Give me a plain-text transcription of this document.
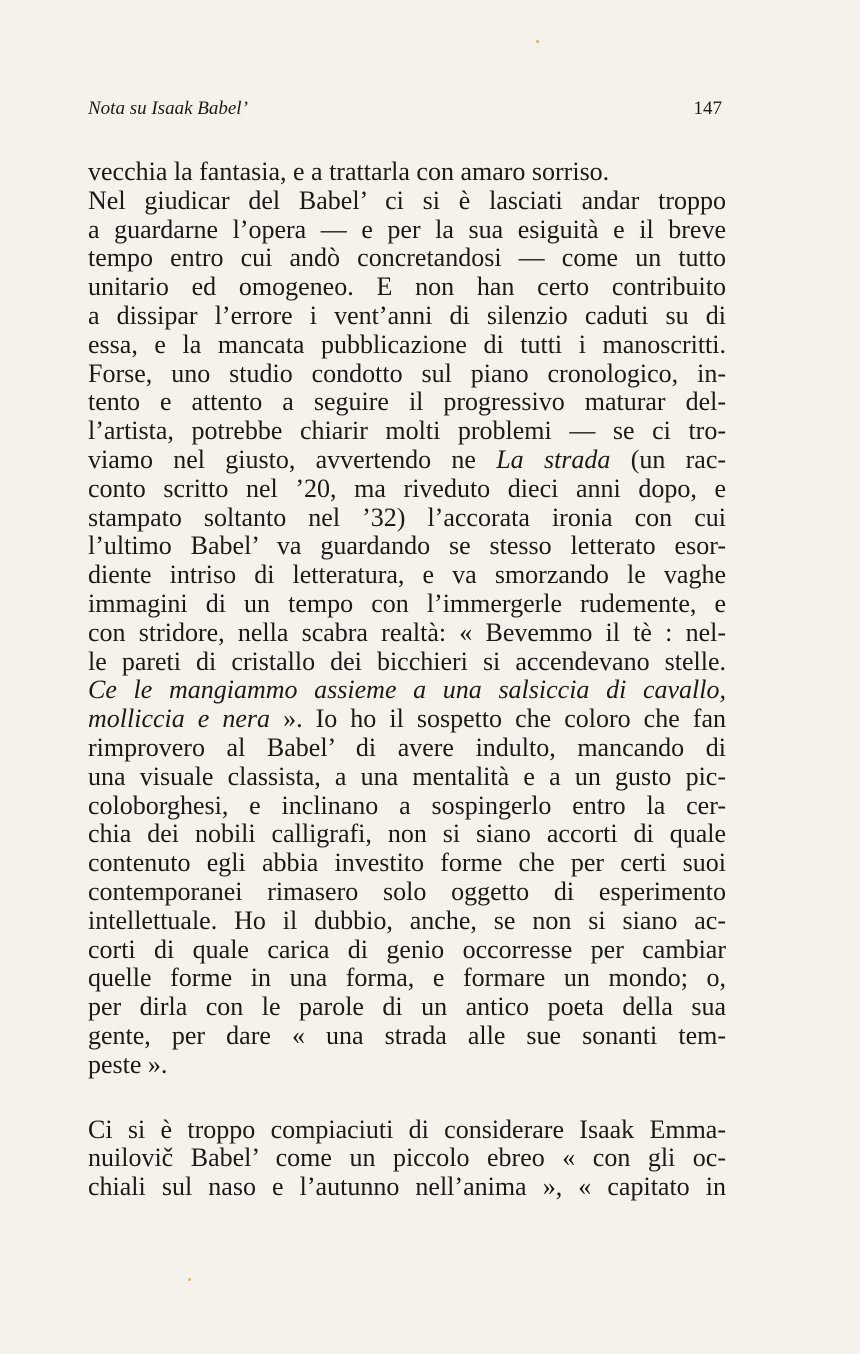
Nota su Isaak Babel’	147
vecchia la fantasia, e a trattarla con amaro sorriso.
Nel giudicar del Babel’ ci si è lasciati andar troppo
a guardarne l’opera — e per la sua esiguità e il breve
tempo entro cui andò concretandosi — come un tutto
unitario ed omogeneo. E non han certo contribuito
a dissipar l’errore i vent’anni di silenzio caduti su di
essa, e la mancata pubblicazione di tutti i manoscritti.
Forse, uno studio condotto sul piano cronologico, in-
tento e attento a seguire il progressivo maturar del-
l’artista, potrebbe chiarir molti problemi — se ci tro-
viamo nel giusto, avvertendo ne La strada (un rac-
conto scritto nel ’20, ma riveduto dieci anni dopo, e
stampato soltanto nel ’32) l’accorata ironia con cui
l’ultimo Babel’ va guardando se stesso letterato esor-
diente intriso di letteratura, e va smorzando le vaghe
immagini di un tempo con l’immergerle rudemente, e
con stridore, nella scabra realtà: « Bevemmo il tè : nel-
le pareti di cristallo dei bicchieri si accendevano stelle.
Ce le mangiammo assieme a una salsiccia di cavallo,
molliccia e nera ». Io ho il sospetto che coloro che fan
rimprovero al Babel’ di avere indulto, mancando di
una visuale classista, a una mentalità e a un gusto pic-
coloborghesi, e inclinano a sospingerlo entro la cer-
chia dei nobili calligrafi, non si siano accorti di quale
contenuto egli abbia investito forme che per certi suoi
contemporanei rimasero solo oggetto di esperimento
intellettuale. Ho il dubbio, anche, se non si siano ac-
corti di quale carica di genio occorresse per cambiar
quelle forme in una forma, e formare un mondo; o,
per dirla con le parole di un antico poeta della sua
gente, per dare « una strada alle sue sonanti tem-
peste ».
Ci si è troppo compiaciuti di considerare Isaak Emma-
nuilovič Babel’ come un piccolo ebreo « con gli oc-
chiali sul naso e l’autunno nell’anima », « capitato in
